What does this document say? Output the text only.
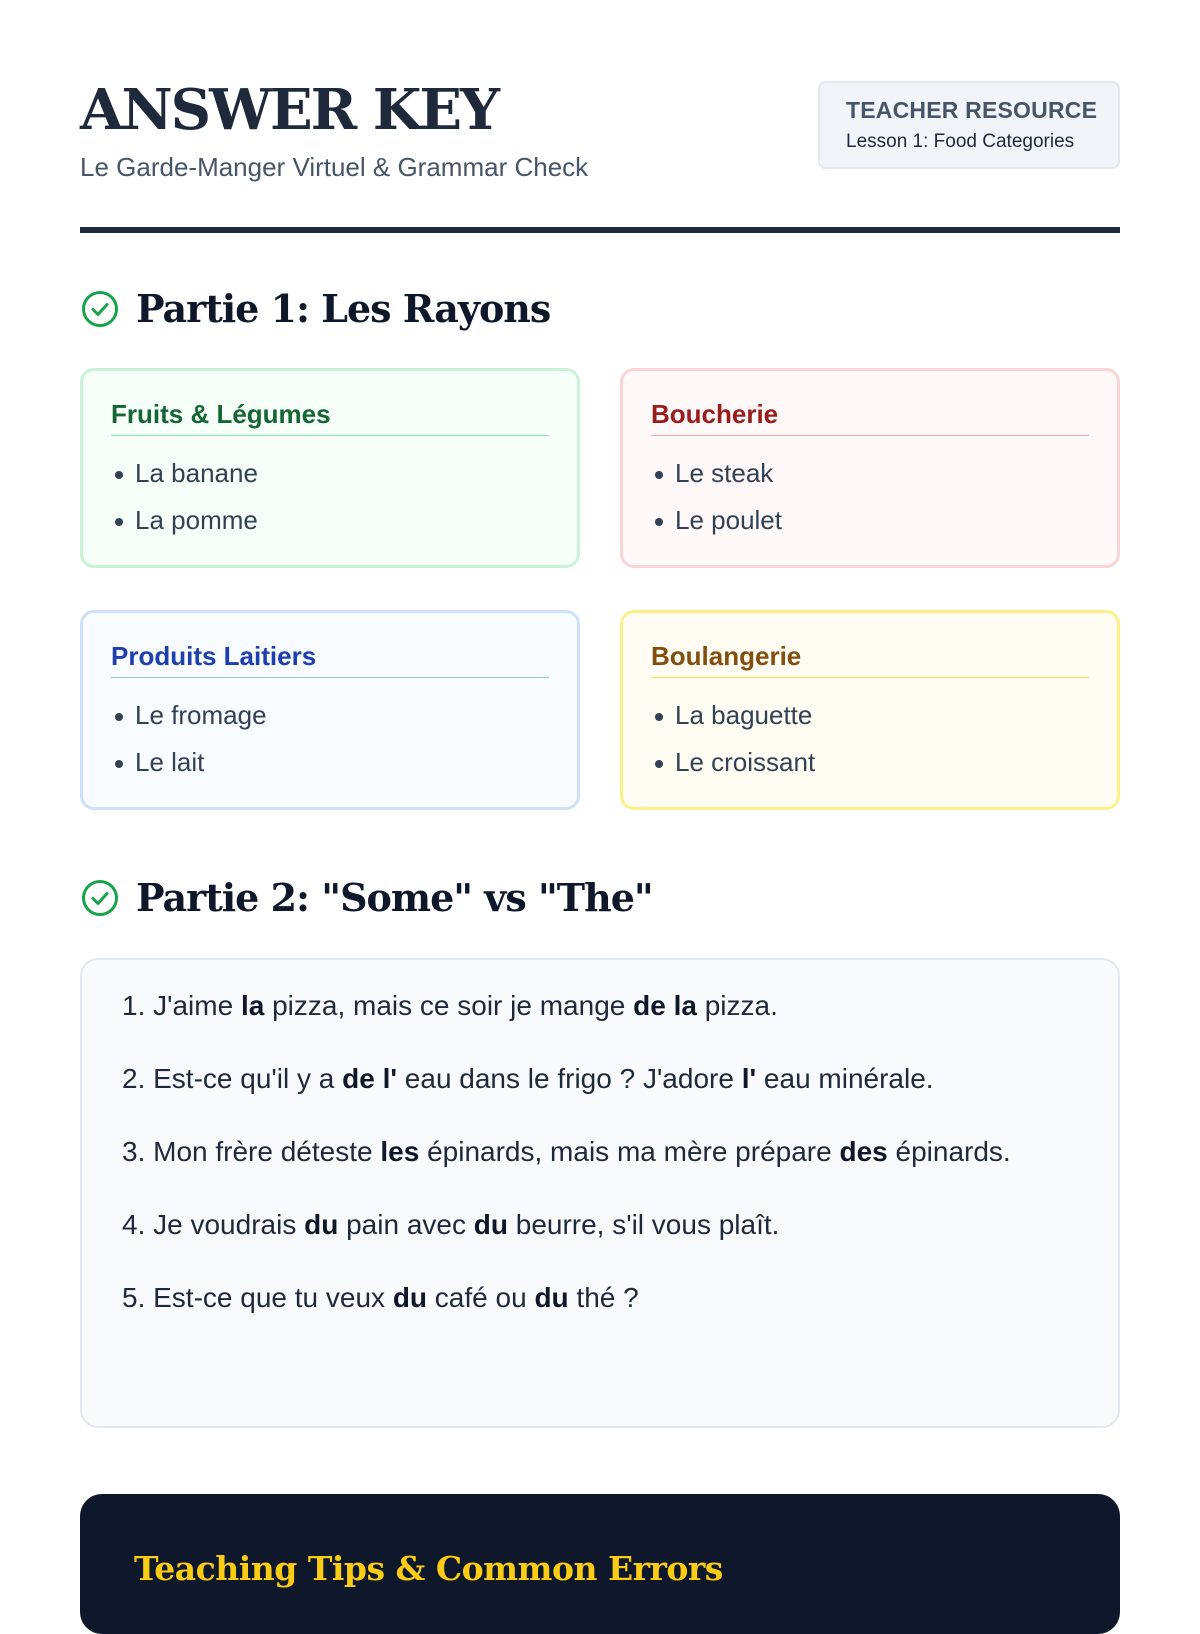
ANSWER KEY
Le Garde-Manger Virtuel & Grammar Check
TEACHER RESOURCE
Lesson 1: Food Categories
Partie 1: Les Rayons
Fruits & Légumes
La banane
La pomme
Boucherie
Le steak
Le poulet
Produits Laitiers
Le fromage
Le lait
Boulangerie
La baguette
Le croissant
Partie 2: "Some" vs "The"
1. J'aime la pizza, mais ce soir je mange de la pizza.
2. Est-ce qu'il y a de l' eau dans le frigo ? J'adore l' eau minérale.
3. Mon frère déteste les épinards, mais ma mère prépare des épinards.
4. Je voudrais du pain avec du beurre, s'il vous plaît.
5. Est-ce que tu veux du café ou du thé ?
Teaching Tips & Common Errors
